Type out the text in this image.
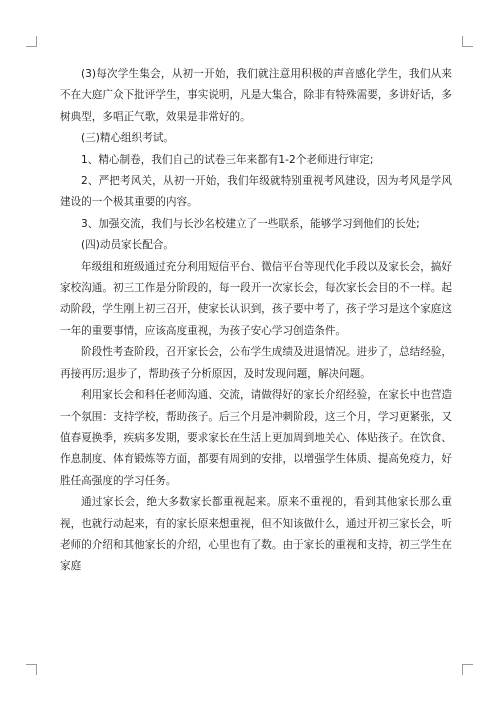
(3)每次学生集会，从初一开始，我们就注意用积极的声音感化学生，我们从来不在大庭广众下批评学生，事实说明，凡是大集合，除非有特殊需要，多讲好话，多树典型，多唱正气歌，效果是非常好的。

(三)精心组织考试。

1、精心制卷，我们自己的试卷三年来都有1-2个老师进行审定;

2、严把考风关，从初一开始，我们年级就特别重视考风建设，因为考风是学风建设的一个极其重要的内容。

3、加强交流，我们与长沙名校建立了一些联系，能够学习到他们的长处;

(四)动员家长配合。

年级组和班级通过充分利用短信平台、微信平台等现代化手段以及家长会，搞好家校沟通。初三工作是分阶段的，每一段开一次家长会，每次家长会目的不一样。起动阶段，学生刚上初三召开，使家长认识到，孩子要中考了，孩子学习是这个家庭这一年的重要事情，应该高度重视，为孩子安心学习创造条件。

阶段性考查阶段，召开家长会，公布学生成绩及进退情况。进步了，总结经验，再接再厉;退步了，帮助孩子分析原因，及时发现问题，解决问题。

利用家长会和科任老师沟通、交流，请做得好的家长介绍经验，在家长中也营造一个氛围：支持学校，帮助孩子。后三个月是冲刺阶段，这三个月，学习更紧张，又值春夏换季，疾病多发期，要求家长在生活上更加周到地关心、体贴孩子。在饮食、作息制度、体育锻炼等方面，都要有周到的安排，以增强学生体质、提高免疫力，好胜任高强度的学习任务。

通过家长会，绝大多数家长都重视起来。原来不重视的，看到其他家长那么重视，也就行动起来，有的家长原来想重视，但不知该做什么，通过开初三家长会，听老师的介绍和其他家长的介绍，心里也有了数。由于家长的重视和支持，初三学生在家庭
